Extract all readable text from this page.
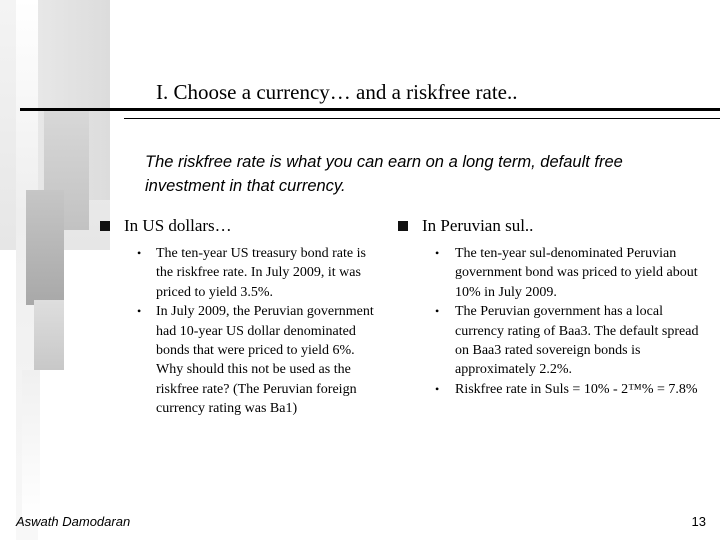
I. Choose a currency… and a riskfree rate..
The riskfree rate is what you can earn on a long term, default free investment in that currency.
In US dollars…
• The ten-year US treasury bond rate is the riskfree rate. In July 2009, it was priced to yield 3.5%.
• In July 2009, the Peruvian government had 10-year US dollar denominated bonds that were priced to yield 6%. Why should this not be used as the riskfree rate? (The Peruvian foreign currency rating was Ba1)
In Peruvian sul..
• The ten-year sul-denominated Peruvian government bond was priced to yield about 10% in July 2009.
• The Peruvian government has a local currency rating of Baa3. The default spread on Baa3 rated sovereign bonds is approximately 2.2%.
• Riskfree rate in Suls = 10% - 2™% = 7.8%
Aswath Damodaran	13
